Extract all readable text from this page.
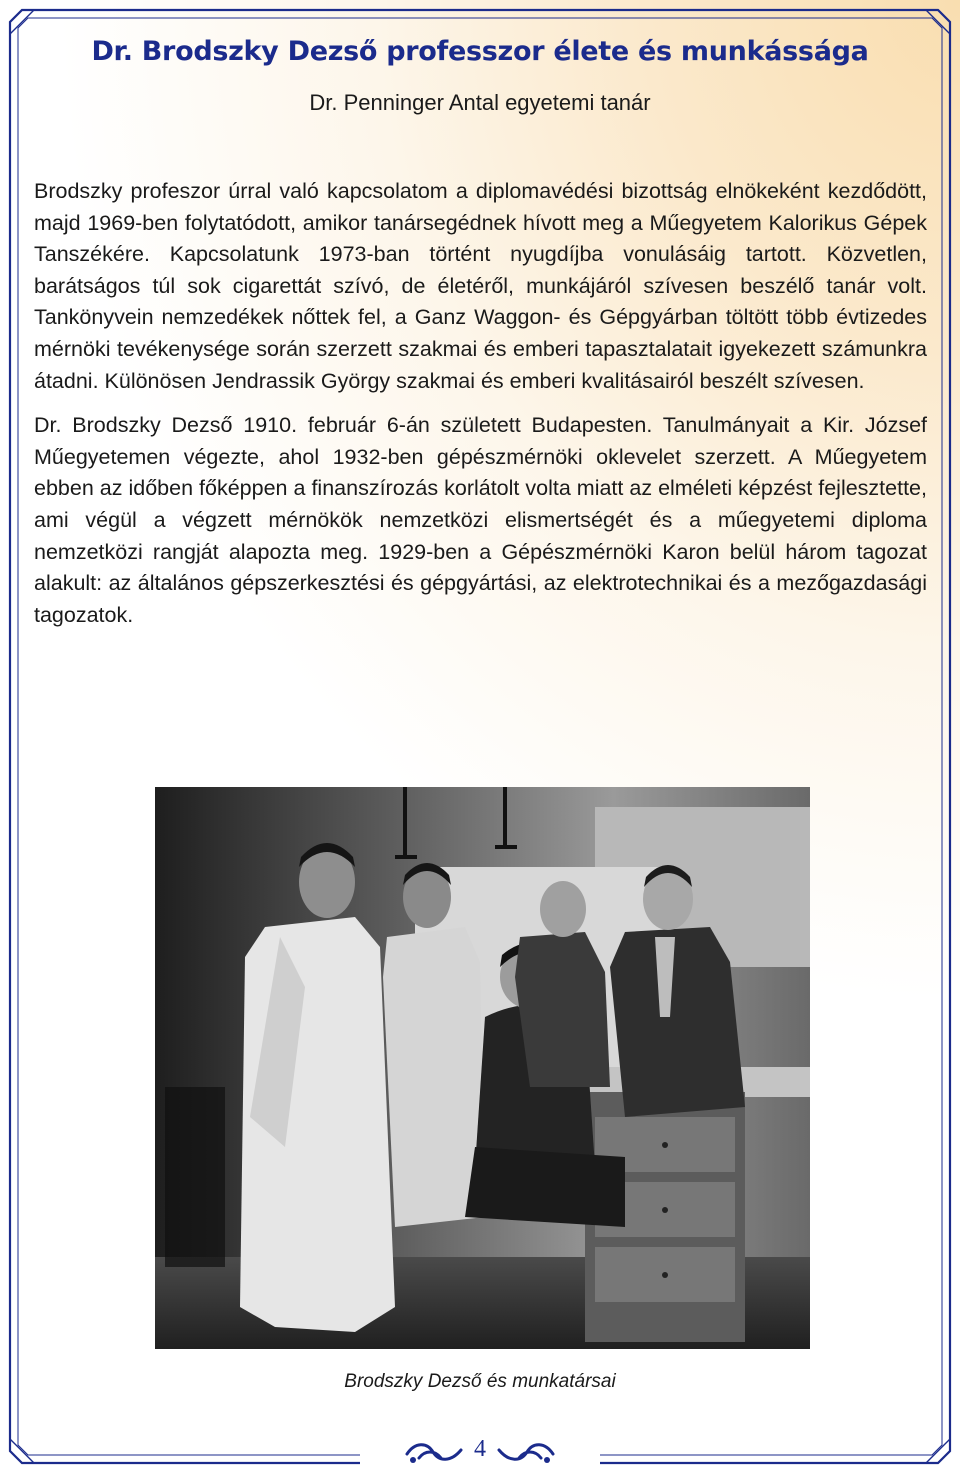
Dr. Brodszky Dezső professzor élete és munkássága
Dr. Penninger Antal egyetemi tanár

Brodszky profeszor úrral való kapcsolatom a diplomavédési bizottság elnökeként kezdődött, majd 1969-ben folytatódott, amikor tanársegédnek hívott meg a Műegyetem Kalorikus Gépek Tanszékére. Kapcsolatunk 1973-ban történt nyugdíjba vonulásáig tartott. Közvetlen, barátságos túl sok cigarettát szívó, de életéről, munkájáról szívesen beszélő tanár volt. Tankönyvein nemzedékek nőttek fel, a Ganz Waggon- és Gépgyárban töltött több évtizedes mérnöki tevékenysége során szerzett szakmai és emberi tapasztalatait igyekezett számunkra átadni. Különösen Jendrassik György szakmai és emberi kvalitásairól beszélt szívesen.

Dr. Brodszky Dezső 1910. február 6-án született Budapesten. Tanulmányait a Kir. József Műegyetemen végezte, ahol 1932-ben gépészmérnöki oklevelet szerzett. A Műegyetem ebben az időben főképpen a finanszírozás korlátolt volta miatt az elméleti képzést fejlesztette, ami végül a végzett mérnökök nemzetközi elismertségét és a műegyetemi diploma nemzetközi rangját alapozta meg. 1929-ben a Gépészmérnöki Karon belül három tagozat alakult: az általános gépszerkesztési és gépgyártási, az elektrotechnikai és a mezőgazdasági tagozatok.

Brodszky Dezső és munkatársai
4
